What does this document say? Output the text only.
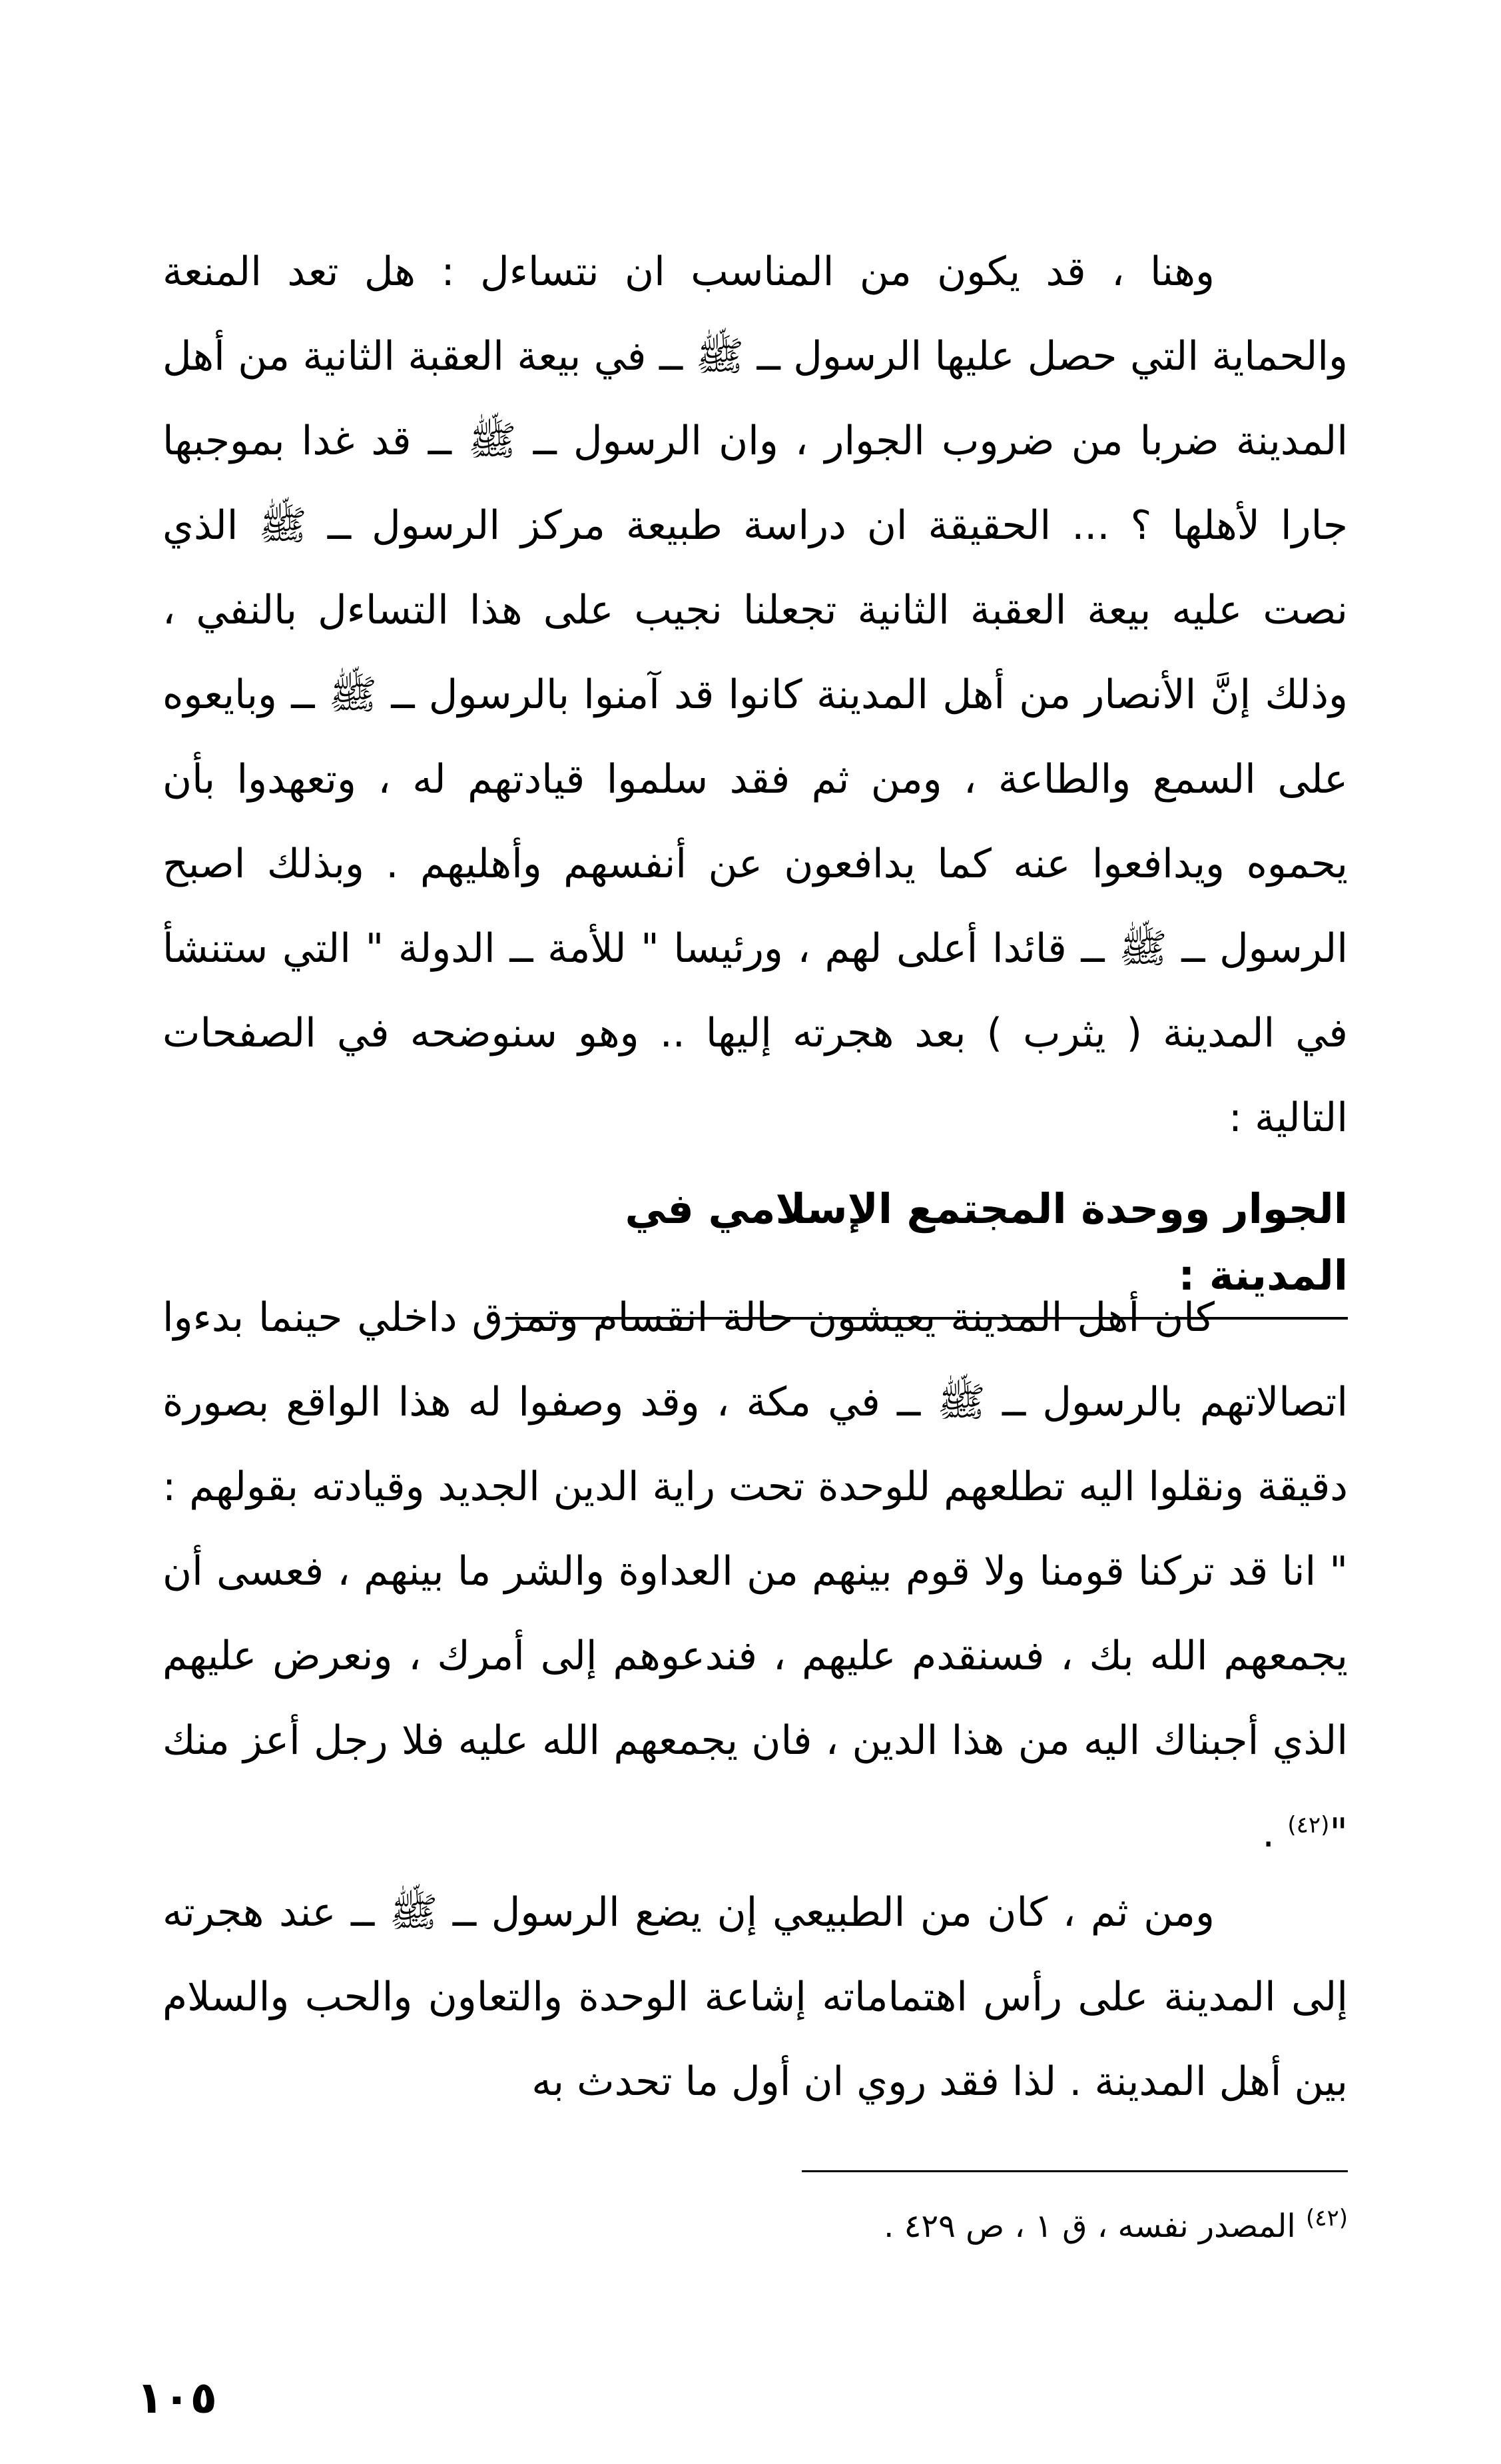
وهنا ، قد يكون من المناسب ان نتساءل : هل تعد المنعة والحماية التي حصل عليها الرسول ــ ﷺ ــ في بيعة العقبة الثانية من أهل المدينة ضربا من ضروب الجوار ، وان الرسول ــ ﷺ ــ قد غدا بموجبها جارا لأهلها ؟ ... الحقيقة ان دراسة طبيعة مركز الرسول ــ ﷺ الذي نصت عليه بيعة العقبة الثانية تجعلنا نجيب على هذا التساءل بالنفي ، وذلك إنَّ الأنصار من أهل المدينة كانوا قد آمنوا بالرسول ــ ﷺ ــ وبايعوه على السمع والطاعة ، ومن ثم فقد سلموا قيادتهم له ، وتعهدوا بأن يحموه ويدافعوا عنه كما يدافعون عن أنفسهم وأهليهم . وبذلك اصبح الرسول ــ ﷺ ــ قائدا أعلى لهم ، ورئيسا " للأمة ــ الدولة " التي ستنشأ في المدينة ( يثرب ) بعد هجرته إليها .. وهو سنوضحه في الصفحات التالية :

الجوار ووحدة المجتمع الإسلامي في المدينة :

كان أهل المدينة يعيشون حالة انقسام وتمزق داخلي حينما بدءوا اتصالاتهم بالرسول ــ ﷺ ــ في مكة ، وقد وصفوا له هذا الواقع بصورة دقيقة ونقلوا اليه تطلعهم للوحدة تحت راية الدين الجديد وقيادته بقولهم : " انا قد تركنا قومنا ولا قوم بينهم من العداوة والشر ما بينهم ، فعسى أن يجمعهم الله بك ، فسنقدم عليهم ، فندعوهم إلى أمرك ، ونعرض عليهم الذي أجبناك اليه من هذا الدين ، فان يجمعهم الله عليه فلا رجل أعز منك "$^{(٤٢)}$ .

ومن ثم ، كان من الطبيعي إن يضع الرسول ــ ﷺ ــ عند هجرته إلى المدينة على رأس اهتماماته إشاعة الوحدة والتعاون والحب والسلام بين أهل المدينة . لذا فقد روي ان أول ما تحدث به

$^{(٤٢)}$ المصدر نفسه ، ق ١ ، ص ٤٢٩ .
١٠٥
